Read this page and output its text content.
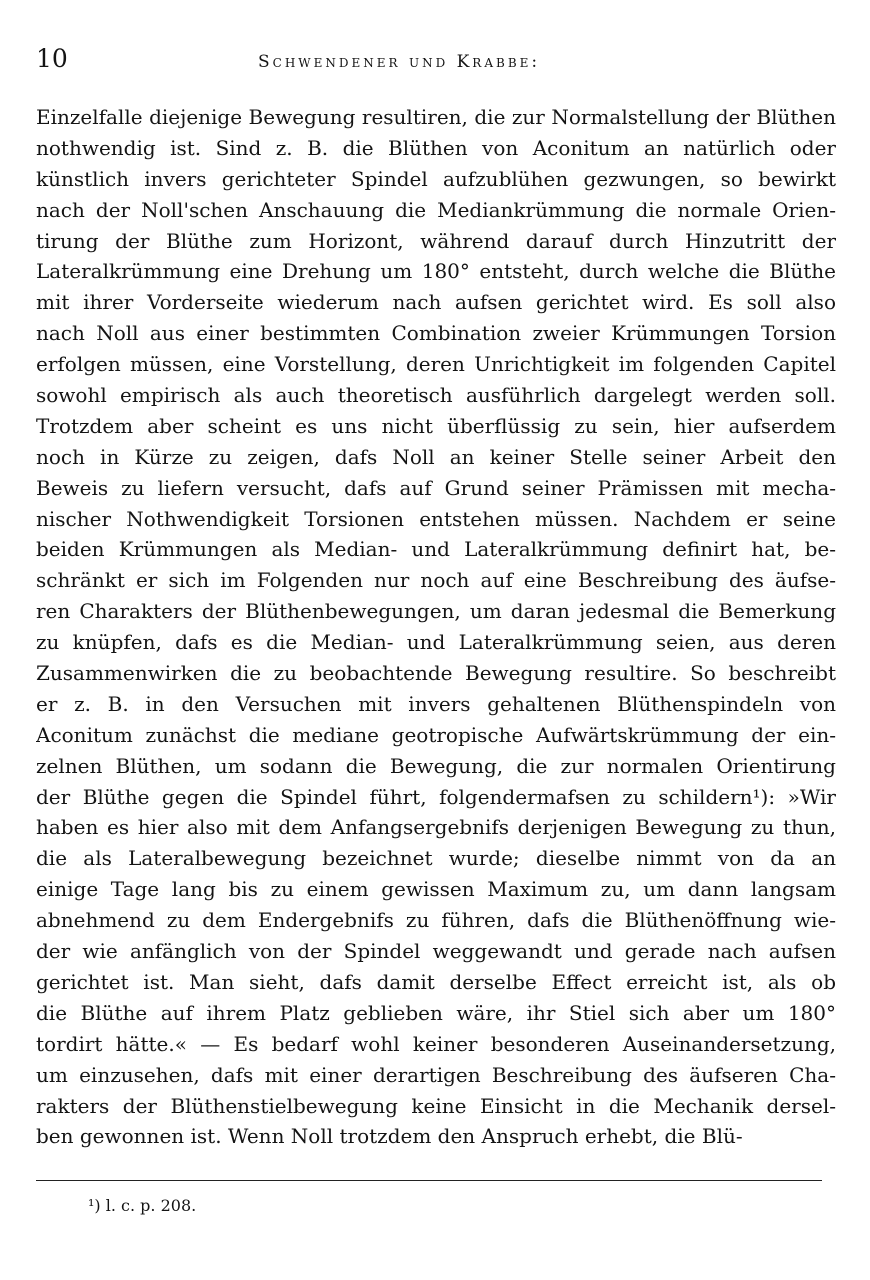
10	Schwendener und Krabbe:
Einzelfalle diejenige Bewegung resultiren, die zur Normalstellung der Blüthen
nothwendig ist. Sind z. B. die Blüthen von Aconitum an natürlich oder
künstlich invers gerichteter Spindel aufzublühen gezwungen, so bewirkt
nach der Noll'schen Anschauung die Mediankrümmung die normale Orien-
tirung der Blüthe zum Horizont, während darauf durch Hinzutritt der
Lateralkrümmung eine Drehung um 180° entsteht, durch welche die Blüthe
mit ihrer Vorderseite wiederum nach aufsen gerichtet wird. Es soll also
nach Noll aus einer bestimmten Combination zweier Krümmungen Torsion
erfolgen müssen, eine Vorstellung, deren Unrichtigkeit im folgenden Capitel
sowohl empirisch als auch theoretisch ausführlich dargelegt werden soll.
Trotzdem aber scheint es uns nicht überflüssig zu sein, hier aufserdem
noch in Kürze zu zeigen, dafs Noll an keiner Stelle seiner Arbeit den
Beweis zu liefern versucht, dafs auf Grund seiner Prämissen mit mecha-
nischer Nothwendigkeit Torsionen entstehen müssen. Nachdem er seine
beiden Krümmungen als Median- und Lateralkrümmung definirt hat, be-
schränkt er sich im Folgenden nur noch auf eine Beschreibung des äufse-
ren Charakters der Blüthenbewegungen, um daran jedesmal die Bemerkung
zu knüpfen, dafs es die Median- und Lateralkrümmung seien, aus deren
Zusammenwirken die zu beobachtende Bewegung resultire. So beschreibt
er z. B. in den Versuchen mit invers gehaltenen Blüthenspindeln von
Aconitum zunächst die mediane geotropische Aufwärtskrümmung der ein-
zelnen Blüthen, um sodann die Bewegung, die zur normalen Orientirung
der Blüthe gegen die Spindel führt, folgendermafsen zu schildern¹): »Wir
haben es hier also mit dem Anfangsergebnifs derjenigen Bewegung zu thun,
die als Lateralbewegung bezeichnet wurde; dieselbe nimmt von da an
einige Tage lang bis zu einem gewissen Maximum zu, um dann langsam
abnehmend zu dem Endergebnifs zu führen, dafs die Blüthenöffnung wie-
der wie anfänglich von der Spindel weggewandt und gerade nach aufsen
gerichtet ist. Man sieht, dafs damit derselbe Effect erreicht ist, als ob
die Blüthe auf ihrem Platz geblieben wäre, ihr Stiel sich aber um 180°
tordirt hätte.« — Es bedarf wohl keiner besonderen Auseinandersetzung,
um einzusehen, dafs mit einer derartigen Beschreibung des äufseren Cha-
rakters der Blüthenstielbewegung keine Einsicht in die Mechanik dersel-
ben gewonnen ist. Wenn Noll trotzdem den Anspruch erhebt, die Blü-
¹) l. c. p. 208.
